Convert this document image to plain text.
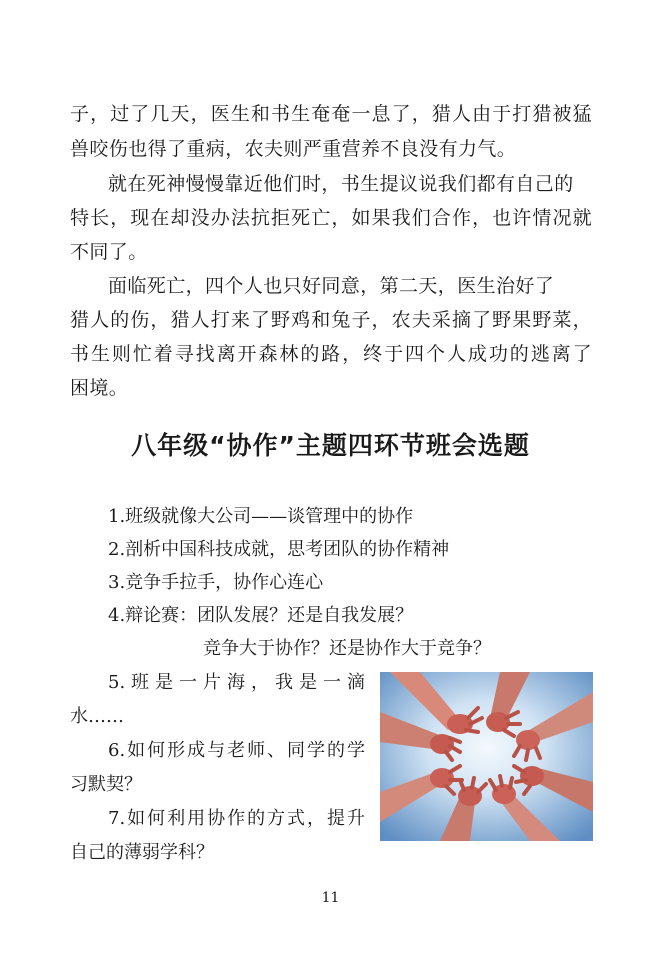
子，过了几天，医生和书生奄奄一息了，猎人由于打猎被猛
兽咬伤也得了重病，农夫则严重营养不良没有力气。
就在死神慢慢靠近他们时，书生提议说我们都有自己的
特长，现在却没办法抗拒死亡，如果我们合作，也许情况就
不同了。
面临死亡，四个人也只好同意，第二天，医生治好了
猎人的伤，猎人打来了野鸡和兔子，农夫采摘了野果野菜，
书生则忙着寻找离开森林的路，终于四个人成功的逃离了
困境。
八年级“协作”主题四环节班会选题
1.班级就像大公司——谈管理中的协作
2.剖析中国科技成就，思考团队的协作精神
3.竞争手拉手，协作心连心
4.辩论赛：团队发展？还是自我发展？
竞争大于协作？还是协作大于竞争？
5. 班 是 一 片 海 ， 我 是 一 滴
水……
6.如何形成与老师、同学的学
习默契？
7.如何利用协作的方式，提升
自己的薄弱学科？
11
